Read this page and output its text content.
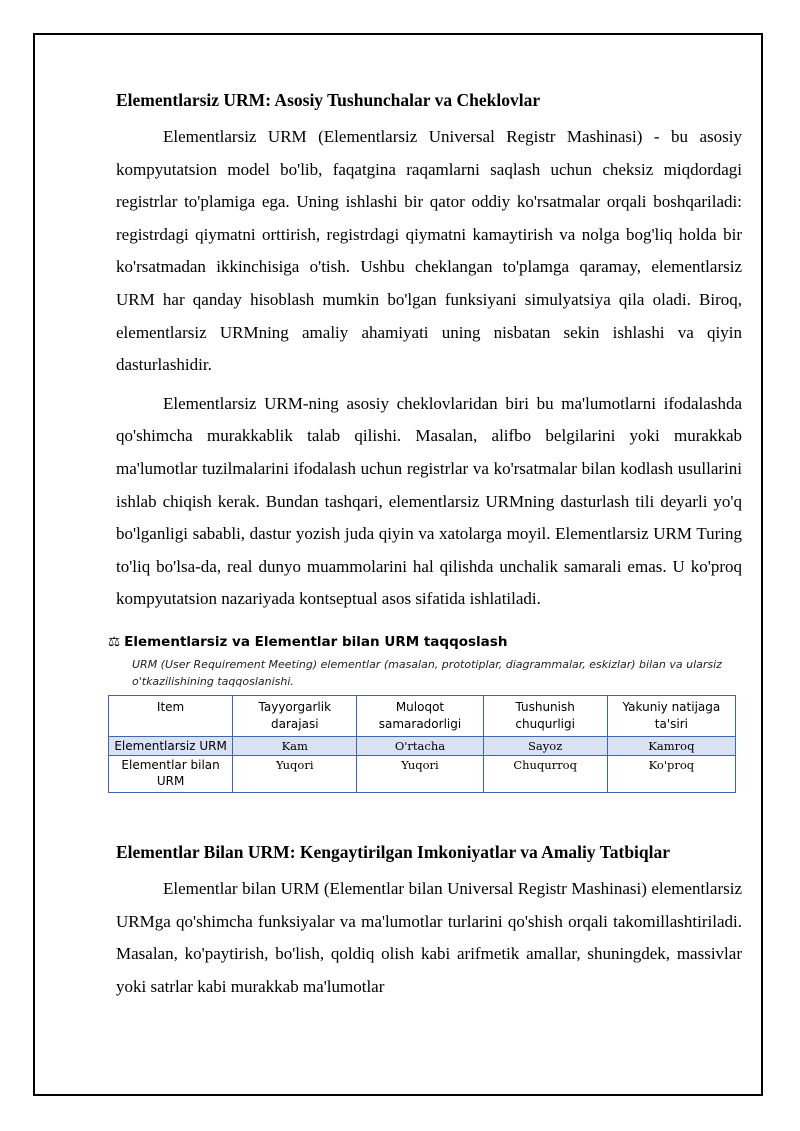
Elementlarsiz URM: Asosiy Tushunchalar va Cheklovlar

Elementlarsiz URM (Elementlarsiz Universal Registr Mashinasi) - bu asosiy kompyutatsion model bo'lib, faqatgina raqamlarni saqlash uchun cheksiz miqdordagi registrlar to'plamiga ega. Uning ishlashi bir qator oddiy ko'rsatmalar orqali boshqariladi: registrdagi qiymatni orttirish, registrdagi qiymatni kamaytirish va nolga bog'liq holda bir ko'rsatmadan ikkinchisiga o'tish. Ushbu cheklangan to'plamga qaramay, elementlarsiz URM har qanday hisoblash mumkin bo'lgan funksiyani simulyatsiya qila oladi. Biroq, elementlarsiz URMning amaliy ahamiyati uning nisbatan sekin ishlashi va qiyin dasturlashidir.

Elementlarsiz URM-ning asosiy cheklovlaridan biri bu ma'lumotlarni ifodalashda qo'shimcha murakkablik talab qilishi. Masalan, alifbo belgilarini yoki murakkab ma'lumotlar tuzilmalarini ifodalash uchun registrlar va ko'rsatmalar bilan kodlash usullarini ishlab chiqish kerak. Bundan tashqari, elementlarsiz URMning dasturlash tili deyarli yo'q bo'lganligi sababli, dastur yozish juda qiyin va xatolarga moyil. Elementlarsiz URM Turing to'liq bo'lsa-da, real dunyo muammolarini hal qilishda unchalik samarali emas. U ko'proq kompyutatsion nazariyada kontseptual asos sifatida ishlatiladi.

⚖ Elementlarsiz va Elementlar bilan URM taqqoslash
URM (User Requirement Meeting) elementlar (masalan, prototiplar, diagrammalar, eskizlar) bilan va ularsiz o'tkazilishining taqqoslanishi.
Item	Tayyorgarlik darajasi	Muloqot samaradorligi	Tushunish chuqurligi	Yakuniy natijaga ta'siri
Elementlarsiz URM	Kam	O'rtacha	Sayoz	Kamroq
Elementlar bilan URM	Yuqori	Yuqori	Chuqurroq	Ko'proq
Elementlar Bilan URM: Kengaytirilgan Imkoniyatlar va Amaliy Tatbiqlar

Elementlar bilan URM (Elementlar bilan Universal Registr Mashinasi) elementlarsiz URMga qo'shimcha funksiyalar va ma'lumotlar turlarini qo'shish orqali takomillashtiriladi. Masalan, ko'paytirish, bo'lish, qoldiq olish kabi arifmetik amallar, shuningdek, massivlar yoki satrlar kabi murakkab ma'lumotlar
